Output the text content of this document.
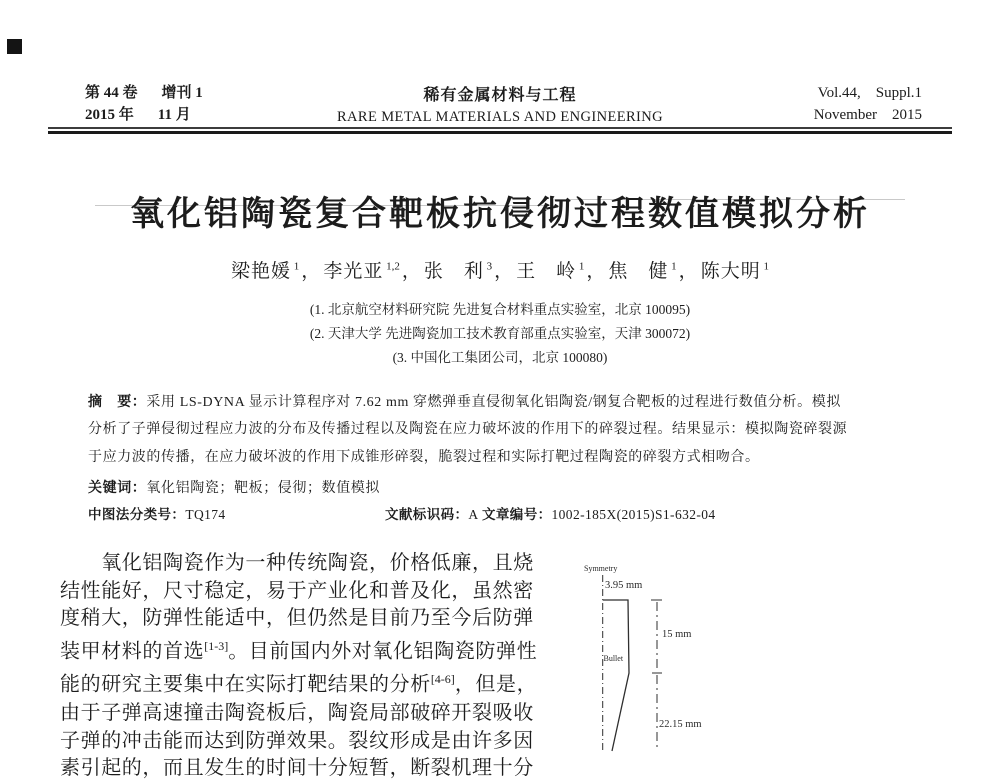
第 44 卷 增刊 1
2015 年 11 月
稀有金属材料与工程
RARE METAL MATERIALS AND ENGINEERING
Vol.44,　Suppl.1
November　2015
氧化铝陶瓷复合靶板抗侵彻过程数值模拟分析
梁艳媛 $^1$ ， 李光亚 $^{1,2}$ ， 张　利 $^3$ ， 王　岭 $^1$ ， 焦　健 $^1$ ， 陈大明 $^1$
(1. 北京航空材料研究院 先进复合材料重点实验室，北京 100095)
(2. 天津大学 先进陶瓷加工技术教育部重点实验室，天津 300072)
(3. 中国化工集团公司，北京 100080)
摘　要：采用 LS-DYNA 显示计算程序对 7.62 mm 穿燃弹垂直侵彻氧化铝陶瓷/钢复合靶板的过程进行数值分析。模拟
分析了子弹侵彻过程应力波的分布及传播过程以及陶瓷在应力破坏波的作用下的碎裂过程。结果显示：模拟陶瓷碎裂源
于应力波的传播，在应力破坏波的作用下成锥形碎裂，脆裂过程和实际打靶过程陶瓷的碎裂方式相吻合。
关键词：氧化铝陶瓷；靶板；侵彻；数值模拟
中图法分类号：TQ174	文献标识码：A 文章编号：1002-185X(2015)S1-632-04
　　氧化铝陶瓷作为一种传统陶瓷，价格低廉，且烧
结性能好，尺寸稳定，易于产业化和普及化，虽然密
度稍大，防弹性能适中，但仍然是目前乃至今后防弹
装甲材料的首选[1-3]。目前国内外对氧化铝陶瓷防弹性
能的研究主要集中在实际打靶结果的分析[4-6]，但是，
由于子弹高速撞击陶瓷板后，陶瓷局部破碎开裂吸收
子弹的冲击能而达到防弹效果。裂纹形成是由许多因
素引起的，而且发生的时间十分短暂，断裂机理十分
Symmetry
3.95 mm
Bullet
15 mm
22.15 mm
